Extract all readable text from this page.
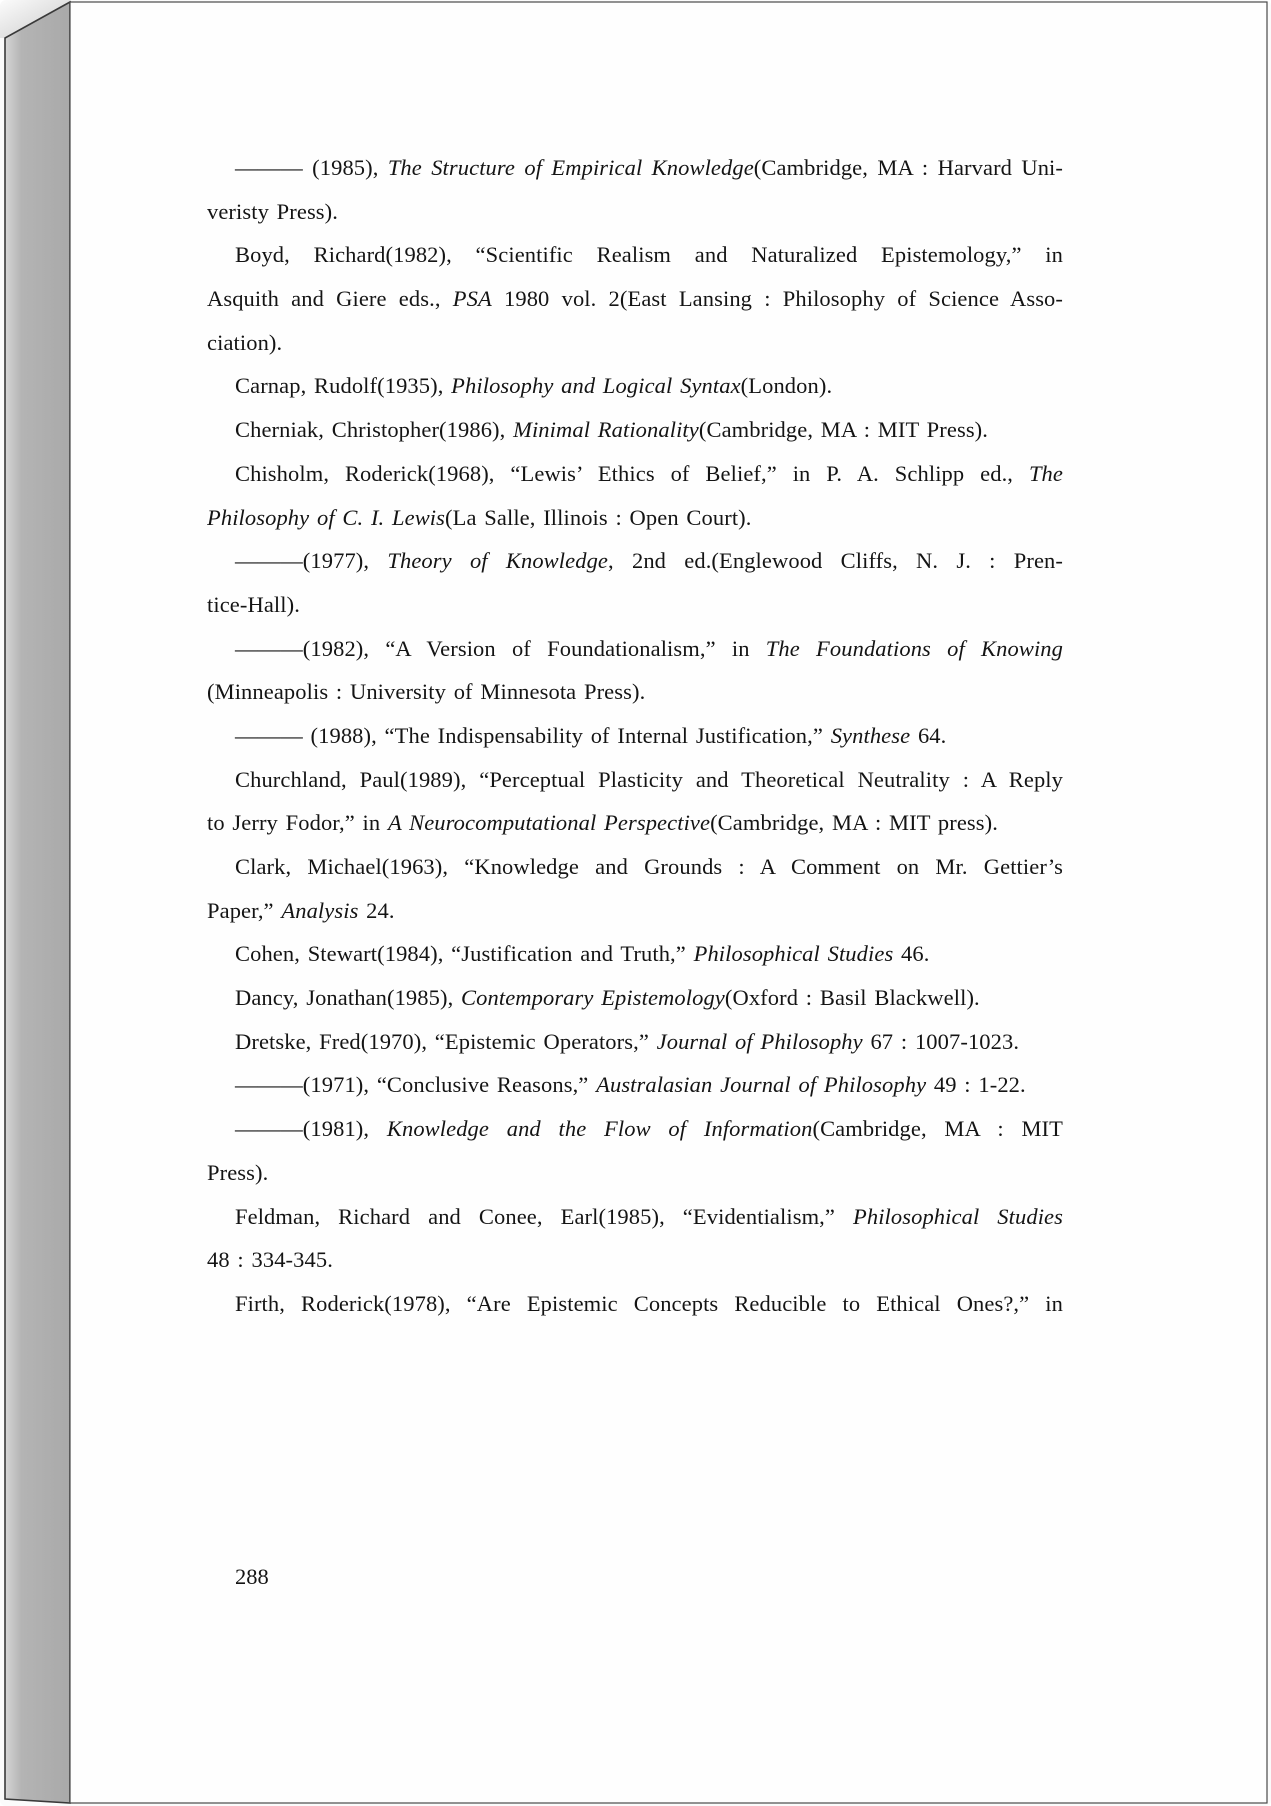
——— (1985), The Structure of Empirical Knowledge(Cambridge, MA : Harvard Uni-
veristy Press).
Boyd, Richard(1982), “Scientific Realism and Naturalized Epistemology,” in
Asquith and Giere eds., PSA 1980 vol. 2(East Lansing : Philosophy of Science Asso-
ciation).
Carnap, Rudolf(1935), Philosophy and Logical Syntax(London).
Cherniak, Christopher(1986), Minimal Rationality(Cambridge, MA : MIT Press).
Chisholm, Roderick(1968), “Lewis’ Ethics of Belief,” in P. A. Schlipp ed., The
Philosophy of C. I. Lewis(La Salle, Illinois : Open Court).
———(1977), Theory of Knowledge, 2nd ed.(Englewood Cliffs, N. J. : Pren-
tice-Hall).
———(1982), “A Version of Foundationalism,” in The Foundations of Knowing
(Minneapolis : University of Minnesota Press).
——— (1988), “The Indispensability of Internal Justification,” Synthese 64.
Churchland, Paul(1989), “Perceptual Plasticity and Theoretical Neutrality : A Reply
to Jerry Fodor,” in A Neurocomputational Perspective(Cambridge, MA : MIT press).
Clark, Michael(1963), “Knowledge and Grounds : A Comment on Mr. Gettier’s
Paper,” Analysis 24.
Cohen, Stewart(1984), “Justification and Truth,” Philosophical Studies 46.
Dancy, Jonathan(1985), Contemporary Epistemology(Oxford : Basil Blackwell).
Dretske, Fred(1970), “Epistemic Operators,” Journal of Philosophy 67 : 1007-1023.
———(1971), “Conclusive Reasons,” Australasian Journal of Philosophy 49 : 1-22.
———(1981), Knowledge and the Flow of Information(Cambridge, MA : MIT
Press).
Feldman, Richard and Conee, Earl(1985), “Evidentialism,” Philosophical Studies
48 : 334-345.
Firth, Roderick(1978), “Are Epistemic Concepts Reducible to Ethical Ones?,” in
288
